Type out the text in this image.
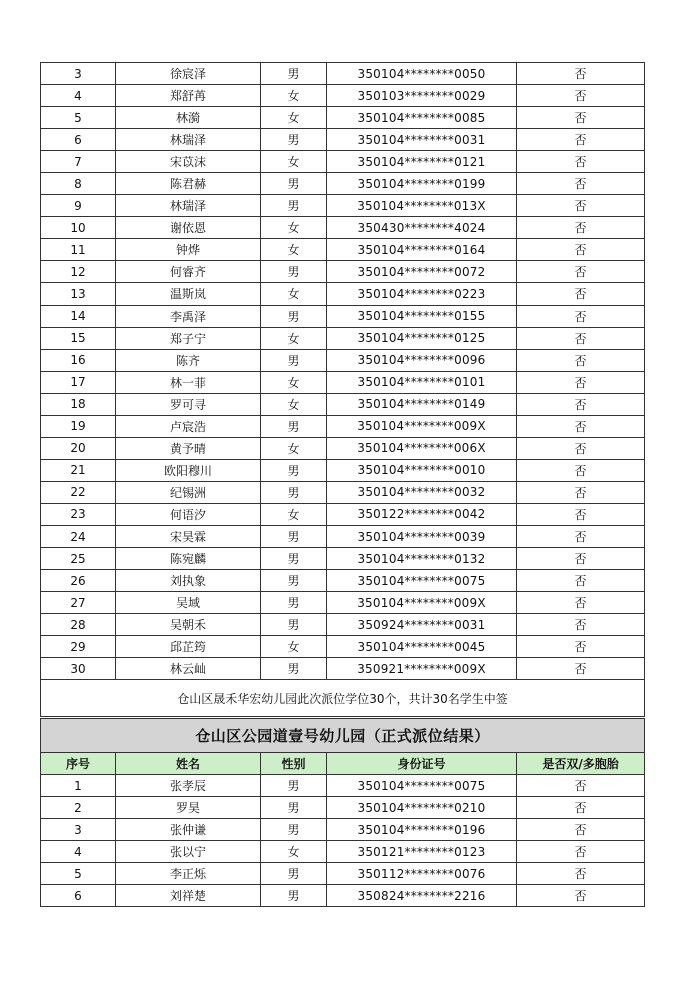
3	徐宸泽	男	350104********0050	否
4	郑舒苒	女	350103********0029	否
5	林漪	女	350104********0085	否
6	林瑞泽	男	350104********0031	否
7	宋苡沫	女	350104********0121	否
8	陈君赫	男	350104********0199	否
9	林瑞泽	男	350104********013X	否
10	谢依恩	女	350430********4024	否
11	钟烨	女	350104********0164	否
12	何睿齐	男	350104********0072	否
13	温斯岚	女	350104********0223	否
14	李禹泽	男	350104********0155	否
15	郑子宁	女	350104********0125	否
16	陈齐	男	350104********0096	否
17	林一菲	女	350104********0101	否
18	罗可寻	女	350104********0149	否
19	卢宸浩	男	350104********009X	否
20	黄予晴	女	350104********006X	否
21	欧阳穆川	男	350104********0010	否
22	纪锡洲	男	350104********0032	否
23	何语汐	女	350122********0042	否
24	宋昊霖	男	350104********0039	否
25	陈宛麟	男	350104********0132	否
26	刘执象	男	350104********0075	否
27	吴域	男	350104********009X	否
28	吴朝禾	男	350924********0031	否
29	邱芷筠	女	350104********0045	否
30	林云屾	男	350921********009X	否
仓山区晟禾华宏幼儿园此次派位学位30个，共计30名学生中签				
仓山区公园道壹号幼儿园（正式派位结果）				
序号	姓名	性别	身份证号	是否双/多胞胎
1	张孝辰	男	350104********0075	否
2	罗昊	男	350104********0210	否
3	张仲谦	男	350104********0196	否
4	张以宁	女	350121********0123	否
5	李正烁	男	350112********0076	否
6	刘祥楚	男	350824********2216	否
